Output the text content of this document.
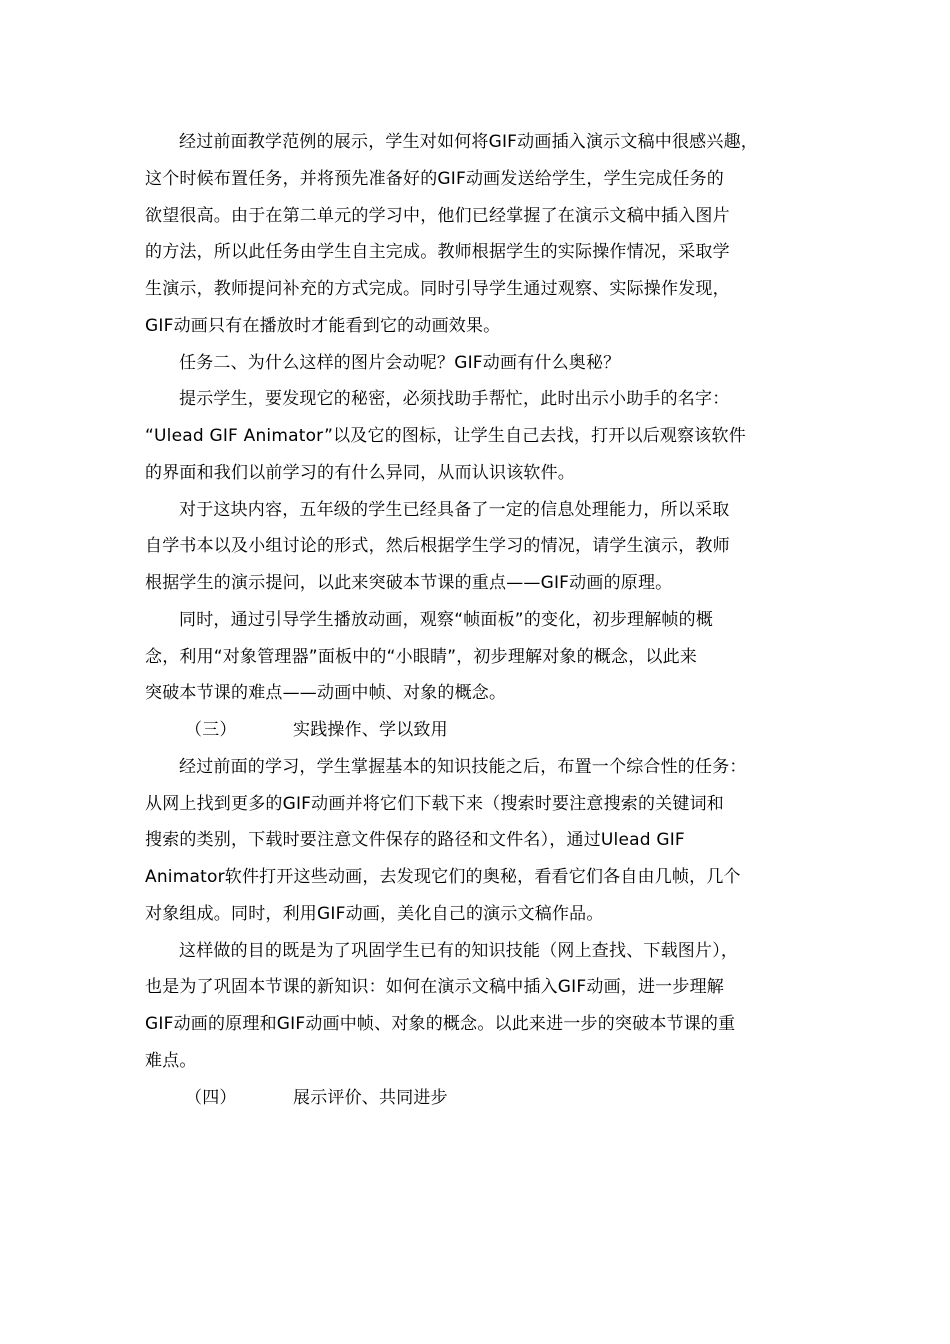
经过前面教学范例的展示，学生对如何将GIF动画插入演示文稿中很感兴趣，
这个时候布置任务，并将预先准备好的GIF动画发送给学生，学生完成任务的
欲望很高。由于在第二单元的学习中，他们已经掌握了在演示文稿中插入图片
的方法，所以此任务由学生自主完成。教师根据学生的实际操作情况，采取学
生演示，教师提问补充的方式完成。同时引导学生通过观察、实际操作发现，
GIF动画只有在播放时才能看到它的动画效果。
任务二、为什么这样的图片会动呢？GIF动画有什么奥秘？
提示学生，要发现它的秘密，必须找助手帮忙，此时出示小助手的名字：
“Ulead GIF Animator”以及它的图标，让学生自己去找，打开以后观察该软件
的界面和我们以前学习的有什么异同，从而认识该软件。
对于这块内容，五年级的学生已经具备了一定的信息处理能力，所以采取
自学书本以及小组讨论的形式，然后根据学生学习的情况，请学生演示，教师
根据学生的演示提问，以此来突破本节课的重点——GIF动画的原理。
同时，通过引导学生播放动画，观察“帧面板”的变化，初步理解帧的概
念，利用“对象管理器”面板中的“小眼睛”，初步理解对象的概念，以此来
突破本节课的难点——动画中帧、对象的概念。
（三）	实践操作、学以致用
经过前面的学习，学生掌握基本的知识技能之后，布置一个综合性的任务：
从网上找到更多的GIF动画并将它们下载下来（搜索时要注意搜索的关键词和
搜索的类别，下载时要注意文件保存的路径和文件名），通过Ulead GIF
Animator软件打开这些动画，去发现它们的奥秘，看看它们各自由几帧，几个
对象组成。同时，利用GIF动画，美化自己的演示文稿作品。
这样做的目的既是为了巩固学生已有的知识技能（网上查找、下载图片），
也是为了巩固本节课的新知识：如何在演示文稿中插入GIF动画，进一步理解
GIF动画的原理和GIF动画中帧、对象的概念。以此来进一步的突破本节课的重
难点。
（四）	展示评价、共同进步
